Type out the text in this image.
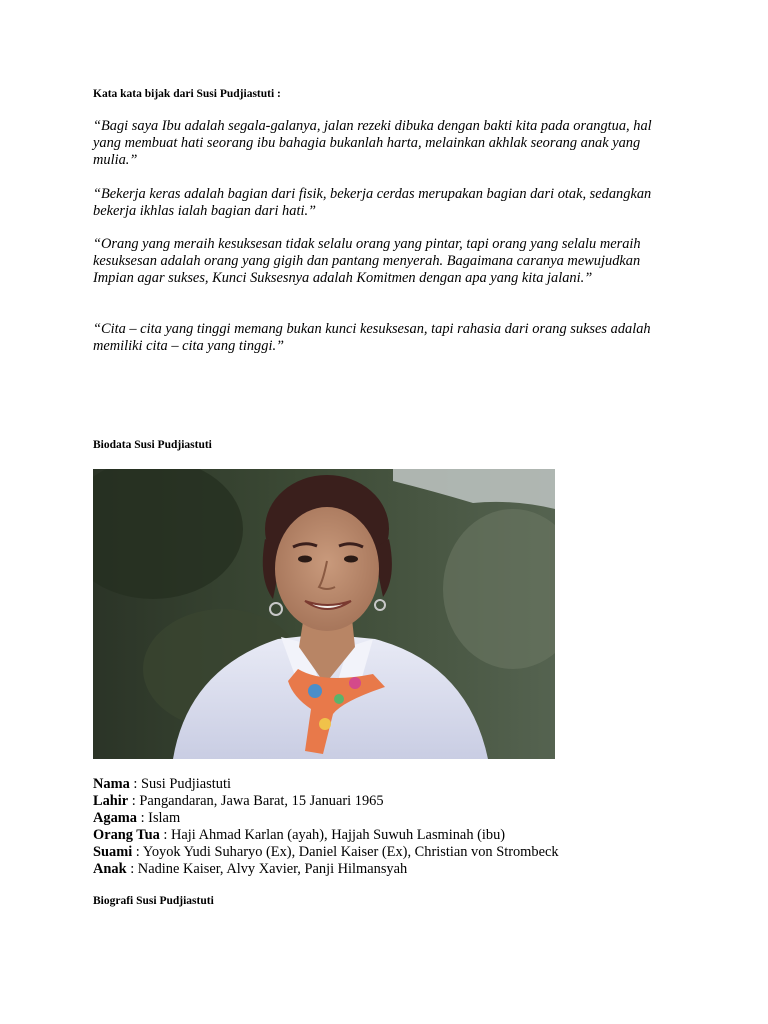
Kata kata bijak dari Susi Pudjiastuti :
“Bagi saya Ibu adalah segala-galanya, jalan rezeki dibuka dengan bakti kita pada orangtua, hal yang membuat hati seorang ibu bahagia bukanlah harta, melainkan akhlak seorang anak yang mulia.”
“Bekerja keras adalah bagian dari fisik, bekerja cerdas merupakan bagian dari otak, sedangkan bekerja ikhlas ialah bagian dari hati.”
“Orang yang meraih kesuksesan tidak selalu orang yang pintar, tapi orang yang selalu meraih kesuksesan adalah orang yang gigih dan pantang menyerah. Bagaimana caranya mewujudkan Impian agar sukses, Kunci Suksesnya adalah Komitmen dengan apa yang kita jalani.”
“Cita – cita yang tinggi memang bukan kunci kesuksesan, tapi rahasia dari orang sukses adalah memiliki cita – cita yang tinggi.”
Biodata Susi Pudjiastuti
Nama : Susi Pudjiastuti
Lahir : Pangandaran, Jawa Barat, 15 Januari 1965
Agama : Islam
Orang Tua : Haji Ahmad Karlan (ayah), Hajjah Suwuh Lasminah (ibu)
Suami : Yoyok Yudi Suharyo (Ex), Daniel Kaiser (Ex), Christian von Strombeck
Anak : Nadine Kaiser, Alvy Xavier, Panji Hilmansyah
Biografi Susi Pudjiastuti
